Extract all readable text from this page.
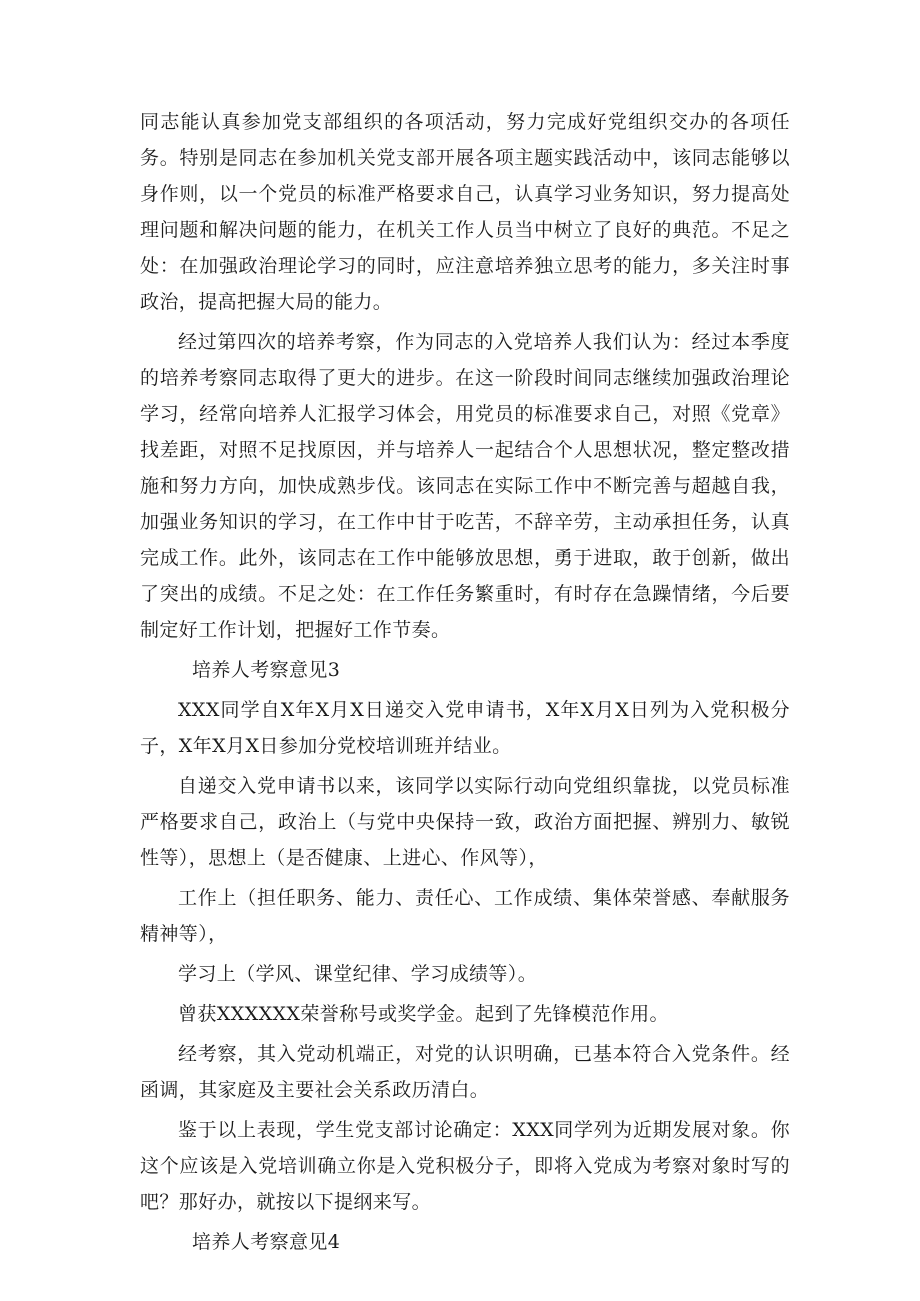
同志能认真参加党支部组织的各项活动，努力完成好党组织交办的各项任务。特别是同志在参加机关党支部开展各项主题实践活动中，该同志能够以身作则，以一个党员的标准严格要求自己，认真学习业务知识，努力提高处理问题和解决问题的能力，在机关工作人员当中树立了良好的典范。不足之处：在加强政治理论学习的同时，应注意培养独立思考的能力，多关注时事政治，提高把握大局的能力。

经过第四次的培养考察，作为同志的入党培养人我们认为：经过本季度的培养考察同志取得了更大的进步。在这一阶段时间同志继续加强政治理论学习，经常向培养人汇报学习体会，用党员的标准要求自己，对照《党章》找差距，对照不足找原因，并与培养人一起结合个人思想状况，整定整改措施和努力方向，加快成熟步伐。该同志在实际工作中不断完善与超越自我，加强业务知识的学习，在工作中甘于吃苦，不辞辛劳，主动承担任务，认真完成工作。此外，该同志在工作中能够放思想，勇于进取，敢于创新，做出了突出的成绩。不足之处：在工作任务繁重时，有时存在急躁情绪，今后要制定好工作计划，把握好工作节奏。

培养人考察意见3

XXX同学自X年X月X日递交入党申请书，X年X月X日列为入党积极分子，X年X月X日参加分党校培训班并结业。

自递交入党申请书以来，该同学以实际行动向党组织靠拢，以党员标准严格要求自己，政治上（与党中央保持一致，政治方面把握、辨别力、敏锐性等），思想上（是否健康、上进心、作风等），

工作上（担任职务、能力、责任心、工作成绩、集体荣誉感、奉献服务精神等），

学习上（学风、课堂纪律、学习成绩等）。

曾获XXXXXX荣誉称号或奖学金。起到了先锋模范作用。

经考察，其入党动机端正，对党的认识明确，已基本符合入党条件。经函调，其家庭及主要社会关系政历清白。

鉴于以上表现，学生党支部讨论确定：XXX同学列为近期发展对象。你这个应该是入党培训确立你是入党积极分子，即将入党成为考察对象时写的吧？那好办，就按以下提纲来写。

培养人考察意见4
